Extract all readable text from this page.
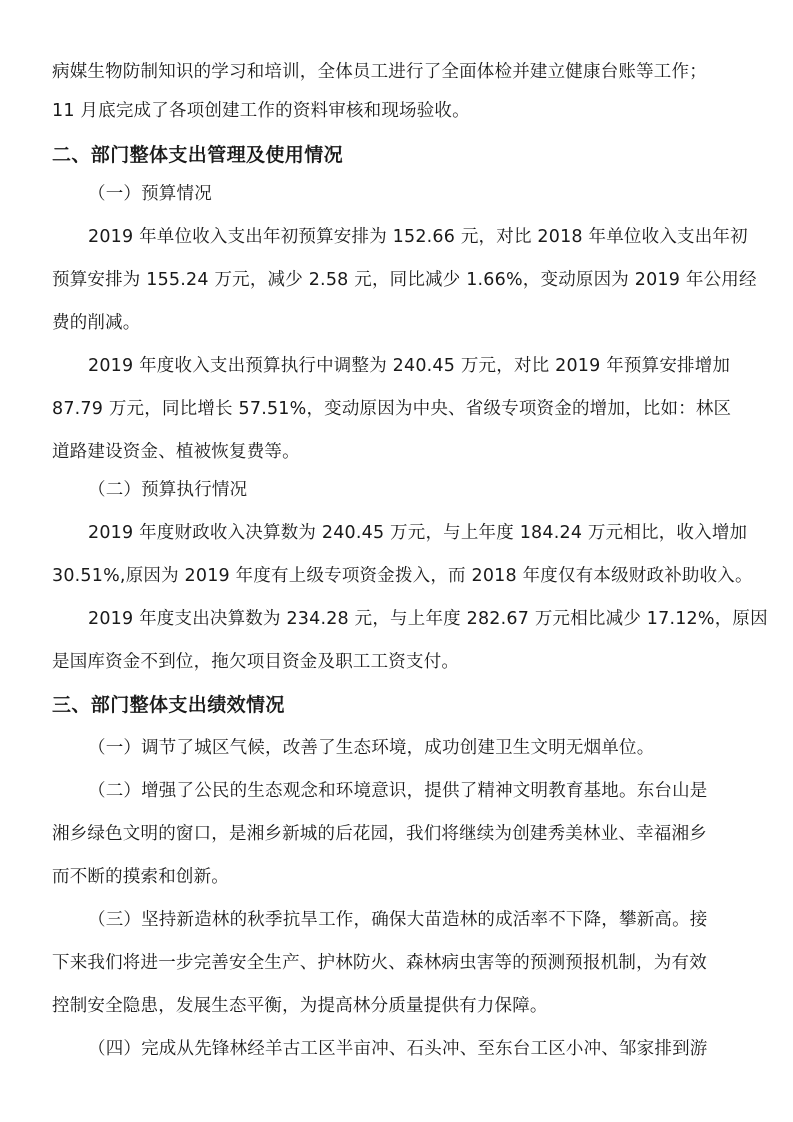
病媒生物防制知识的学习和培训，全体员工进行了全面体检并建立健康台账等工作；
11 月底完成了各项创建工作的资料审核和现场验收。
二、部门整体支出管理及使用情况
（一）预算情况
2019 年单位收入支出年初预算安排为 152.66 元，对比 2018 年单位收入支出年初
预算安排为 155.24 万元，减少 2.58 元，同比减少 1.66%，变动原因为 2019 年公用经
费的削减。
2019 年度收入支出预算执行中调整为 240.45 万元，对比 2019 年预算安排增加
87.79 万元，同比增长 57.51%，变动原因为中央、省级专项资金的增加，比如：林区
道路建设资金、植被恢复费等。
（二）预算执行情况
2019 年度财政收入决算数为 240.45 万元，与上年度 184.24 万元相比，收入增加
30.51%,原因为 2019 年度有上级专项资金拨入，而 2018 年度仅有本级财政补助收入。
2019 年度支出决算数为 234.28 元，与上年度 282.67 万元相比减少 17.12%，原因
是国库资金不到位，拖欠项目资金及职工工资支付。
三、部门整体支出绩效情况
（一）调节了城区气候，改善了生态环境，成功创建卫生文明无烟单位。
（二）增强了公民的生态观念和环境意识，提供了精神文明教育基地。东台山是
湘乡绿色文明的窗口，是湘乡新城的后花园，我们将继续为创建秀美林业、幸福湘乡
而不断的摸索和创新。
（三）坚持新造林的秋季抗旱工作，确保大苗造林的成活率不下降，攀新高。接
下来我们将进一步完善安全生产、护林防火、森林病虫害等的预测预报机制，为有效
控制安全隐患，发展生态平衡，为提高林分质量提供有力保障。
（四）完成从先锋林经羊古工区半亩冲、石头冲、至东台工区小冲、邹家排到游
